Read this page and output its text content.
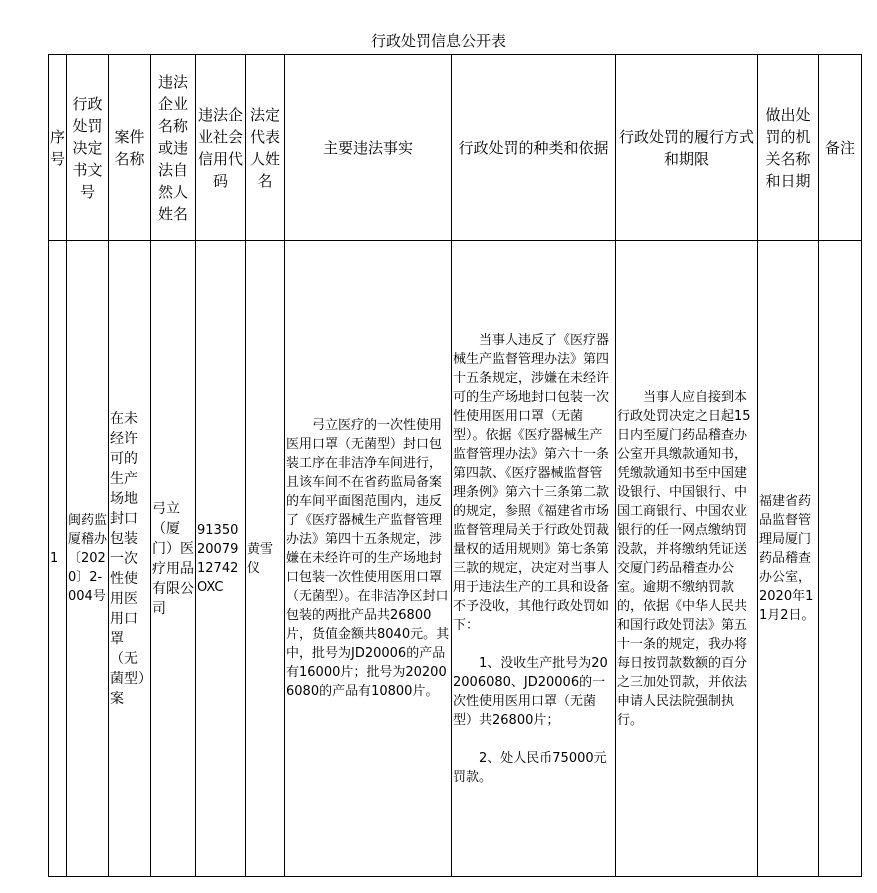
行政处罚信息公开表
序号	行政处罚决定书文号	案件名称	违法企业名称或违法自然人姓名	违法企业社会信用代码	法定代表人姓名	主要违法事实	行政处罚的种类和依据	行政处罚的履行方式和期限	做出处罚的机关名称和日期	备注
1	闽药监厦稽办〔2020〕2-004号	在未经许可的生产场地封口包装一次性使用医用口罩（无菌型）案	弓立（厦门）医疗用品有限公司	913502007912742OXC	黄雪仪	弓立医疗的一次性使用医用口罩（无菌型）封口包装工序在非洁净车间进行，且该车间不在省药监局备案的车间平面图范围内，违反了《医疗器械生产监督管理办法》第四十五条规定，涉嫌在未经许可的生产场地封口包装一次性使用医用口罩（无菌型）。在非洁净区封口包装的两批产品共26800片，货值金额共8040元。其中，批号为JD20006的产品有16000片；批号为202006080的产品有10800片。	当事人违反了《医疗器械生产监督管理办法》第四十五条规定，涉嫌在未经许可的生产场地封口包装一次性使用医用口罩（无菌型）。依据《医疗器械生产监督管理办法》第六十一条第四款、《医疗器械监督管理条例》第六十三条第二款的规定，参照《福建省市场监督管理局关于行政处罚裁量权的适用规则》第七条第三款的规定，决定对当事人用于违法生产的工具和设备不予没收，其他行政处罚如下：

1、没收生产批号为202006080、JD20006的一次性使用医用口罩（无菌型）共26800片；

2、处人民币75000元罚款。	当事人应自接到本行政处罚决定之日起15日内至厦门药品稽查办公室开具缴款通知书，凭缴款通知书至中国建设银行、中国银行、中国工商银行、中国农业银行的任一网点缴纳罚没款，并将缴纳凭证送交厦门药品稽查办公室。逾期不缴纳罚款的，依据《中华人民共和国行政处罚法》第五十一条的规定，我办将每日按罚款数额的百分之三加处罚款，并依法申请人民法院强制执行。	福建省药品监督管理局厦门药品稽查办公室，2020年11月2日。	
